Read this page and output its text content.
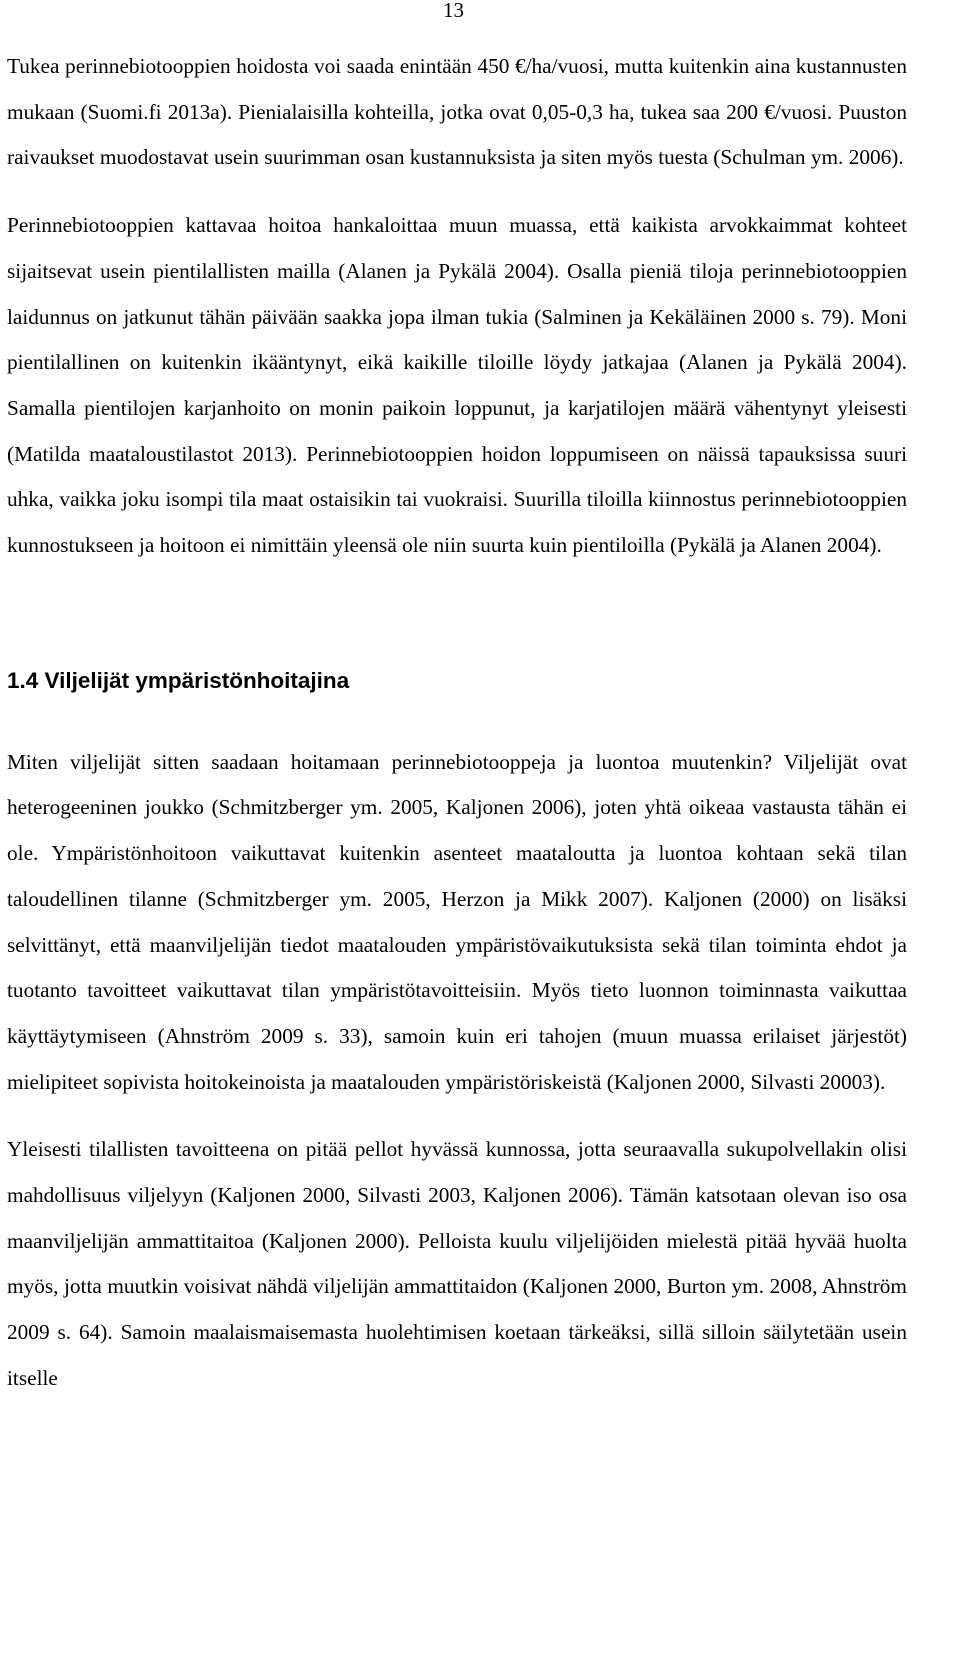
13

Tukea perinnebiotooppien hoidosta voi saada enintään 450 €/ha/vuosi, mutta kuitenkin aina kustannusten mukaan (Suomi.fi 2013a). Pienialaisilla kohteilla, jotka ovat 0,05-0,3 ha, tukea saa 200 €/vuosi. Puuston raivaukset muodostavat usein suurimman osan kustannuksista ja siten myös tuesta (Schulman ym. 2006).

Perinnebiotooppien kattavaa hoitoa hankaloittaa muun muassa, että kaikista arvokkaimmat kohteet sijaitsevat usein pientilallisten mailla (Alanen ja Pykälä 2004). Osalla pieniä tiloja perinnebiotooppien laidunnus on jatkunut tähän päivään saakka jopa ilman tukia (Salminen ja Kekäläinen 2000 s. 79). Moni pientilallinen on kuitenkin ikääntynyt, eikä kaikille tiloille löydy jatkajaa (Alanen ja Pykälä 2004). Samalla pientilojen karjanhoito on monin paikoin loppunut, ja karjatilojen määrä vähentynyt yleisesti (Matilda maataloustilastot 2013). Perinnebiotooppien hoidon loppumiseen on näissä tapauksissa suuri uhka, vaikka joku isompi tila maat ostaisikin tai vuokraisi. Suurilla tiloilla kiinnostus perinnebiotooppien kunnostukseen ja hoitoon ei nimittäin yleensä ole niin suurta kuin pientiloilla (Pykälä ja Alanen 2004).

1.4 Viljelijät ympäristönhoitajina

Miten viljelijät sitten saadaan hoitamaan perinnebiotooppeja ja luontoa muutenkin? Viljelijät ovat heterogeeninen joukko (Schmitzberger ym. 2005, Kaljonen 2006), joten yhtä oikeaa vastausta tähän ei ole. Ympäristönhoitoon vaikuttavat kuitenkin asenteet maatalouttа ja luontoa kohtaan sekä tilan taloudellinen tilanne (Schmitzberger ym. 2005, Herzon ja Mikk 2007). Kaljonen (2000) on lisäksi selvittänyt, että maanviljelijän tiedot maatalouden ympäristövaikutuksista sekä tilan toiminta ehdot ja tuotanto tavoitteet vaikuttavat tilan ympäristötavoitteisiin. Myös tieto luonnon toiminnasta vaikuttaa käyttäytymiseen (Ahnström 2009 s. 33), samoin kuin eri tahojen (muun muassa erilaiset järjestöt) mielipiteet sopivista hoitokeinoista ja maatalouden ympäristöriskeistä (Kaljonen 2000, Silvasti 20003).

Yleisesti tilallisten tavoitteena on pitää pellot hyvässä kunnossa, jotta seuraavalla sukupolvellakin olisi mahdollisuus viljelyyn (Kaljonen 2000, Silvasti 2003, Kaljonen 2006). Tämän katsotaan olevan iso osa maanviljelijän ammattitaitoa (Kaljonen 2000). Pelloista kuulu viljelijöiden mielestä pitää hyvää huolta myös, jotta muutkin voisivat nähdä viljelijän ammattitaidon (Kaljonen 2000, Burton ym. 2008, Ahnström 2009 s. 64). Samoin maalaismaisemasta huolehtimisen koetaan tärkeäksi, sillä silloin säilytetään usein itselle
